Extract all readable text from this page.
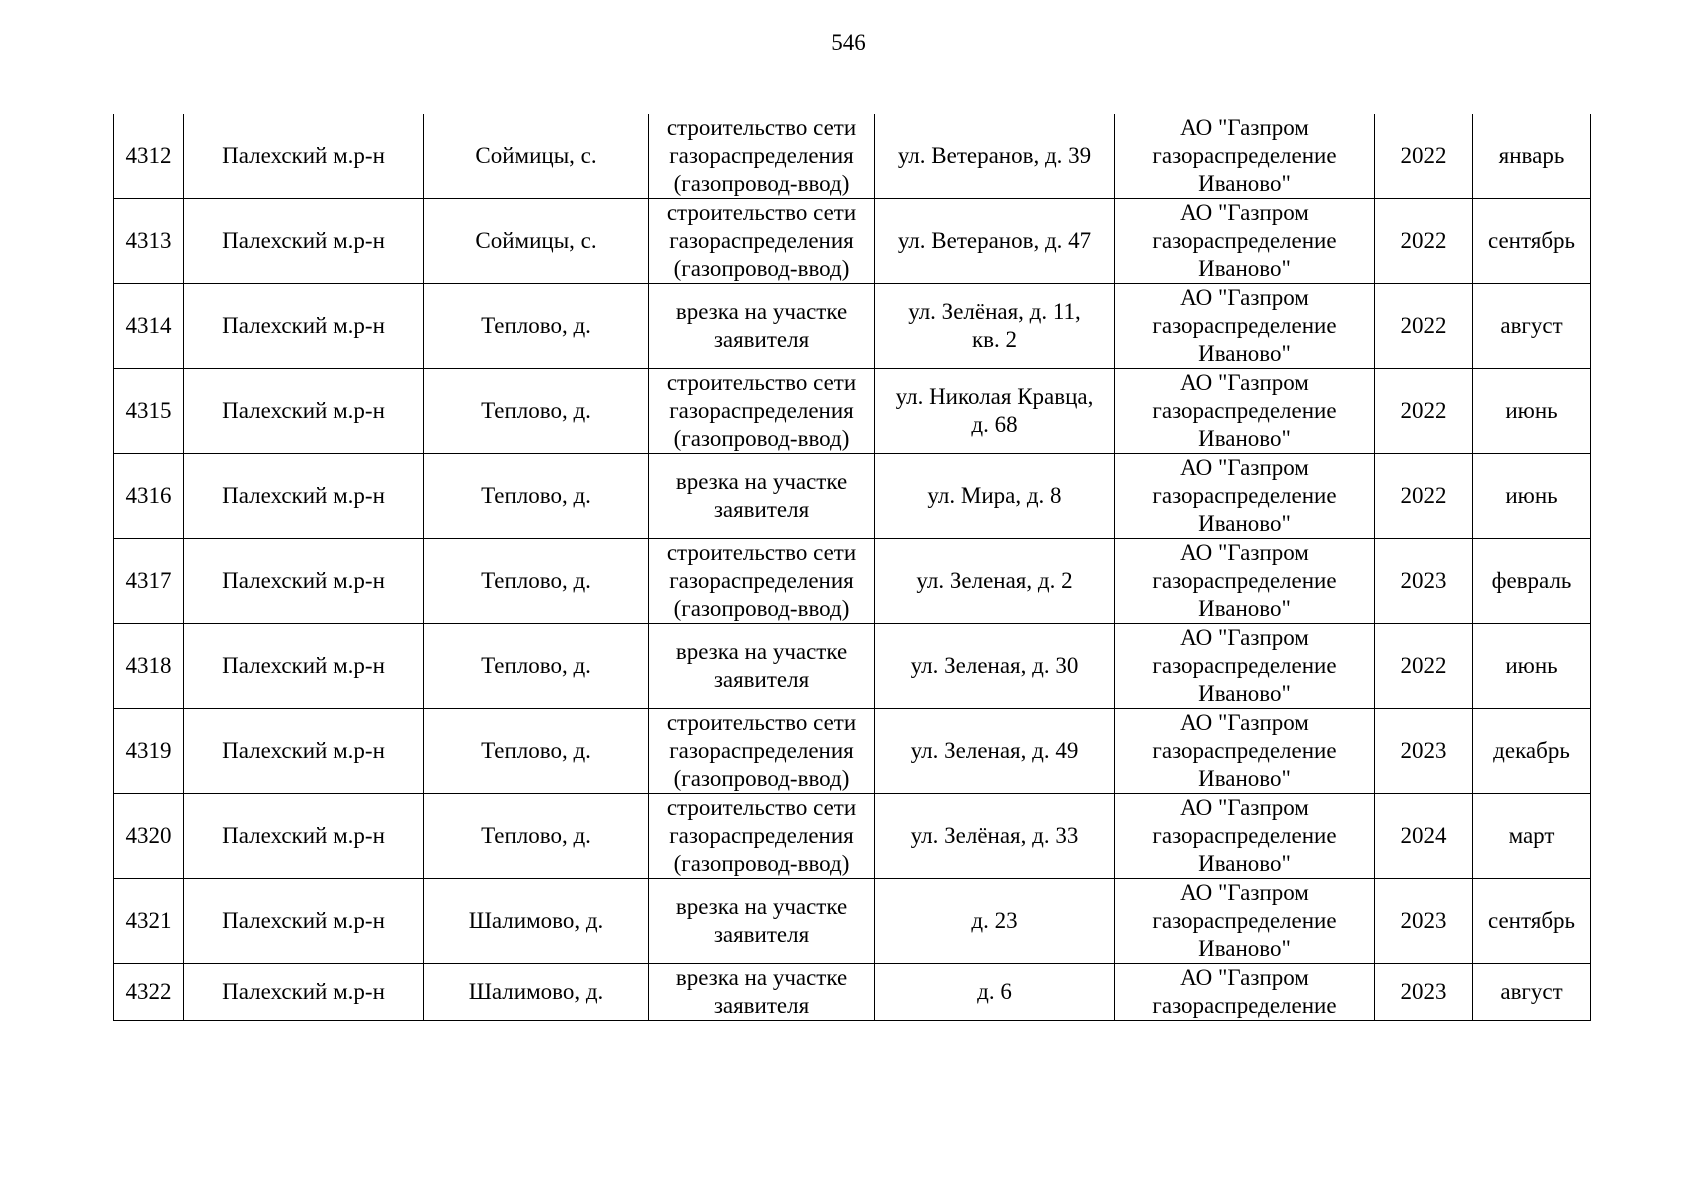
546
4312	Палехский м.р-н	Соймицы, с.	строительство сети
газораспределения
(газопровод-ввод)	ул. Ветеранов, д. 39	АО "Газпром
газораспределение
Иваново"	2022	январь
4313	Палехский м.р-н	Соймицы, с.	строительство сети
газораспределения
(газопровод-ввод)	ул. Ветеранов, д. 47	АО "Газпром
газораспределение
Иваново"	2022	сентябрь
4314	Палехский м.р-н	Теплово, д.	врезка на участке
заявителя	ул. Зелёная, д. 11,
кв. 2	АО "Газпром
газораспределение
Иваново"	2022	август
4315	Палехский м.р-н	Теплово, д.	строительство сети
газораспределения
(газопровод-ввод)	ул. Николая Кравца,
д. 68	АО "Газпром
газораспределение
Иваново"	2022	июнь
4316	Палехский м.р-н	Теплово, д.	врезка на участке
заявителя	ул. Мира, д. 8	АО "Газпром
газораспределение
Иваново"	2022	июнь
4317	Палехский м.р-н	Теплово, д.	строительство сети
газораспределения
(газопровод-ввод)	ул. Зеленая, д. 2	АО "Газпром
газораспределение
Иваново"	2023	февраль
4318	Палехский м.р-н	Теплово, д.	врезка на участке
заявителя	ул. Зеленая, д. 30	АО "Газпром
газораспределение
Иваново"	2022	июнь
4319	Палехский м.р-н	Теплово, д.	строительство сети
газораспределения
(газопровод-ввод)	ул. Зеленая, д. 49	АО "Газпром
газораспределение
Иваново"	2023	декабрь
4320	Палехский м.р-н	Теплово, д.	строительство сети
газораспределения
(газопровод-ввод)	ул. Зелёная, д. 33	АО "Газпром
газораспределение
Иваново"	2024	март
4321	Палехский м.р-н	Шалимово, д.	врезка на участке
заявителя	д. 23	АО "Газпром
газораспределение
Иваново"	2023	сентябрь
4322	Палехский м.р-н	Шалимово, д.	врезка на участке
заявителя	д. 6	АО "Газпром
газораспределение	2023	август
